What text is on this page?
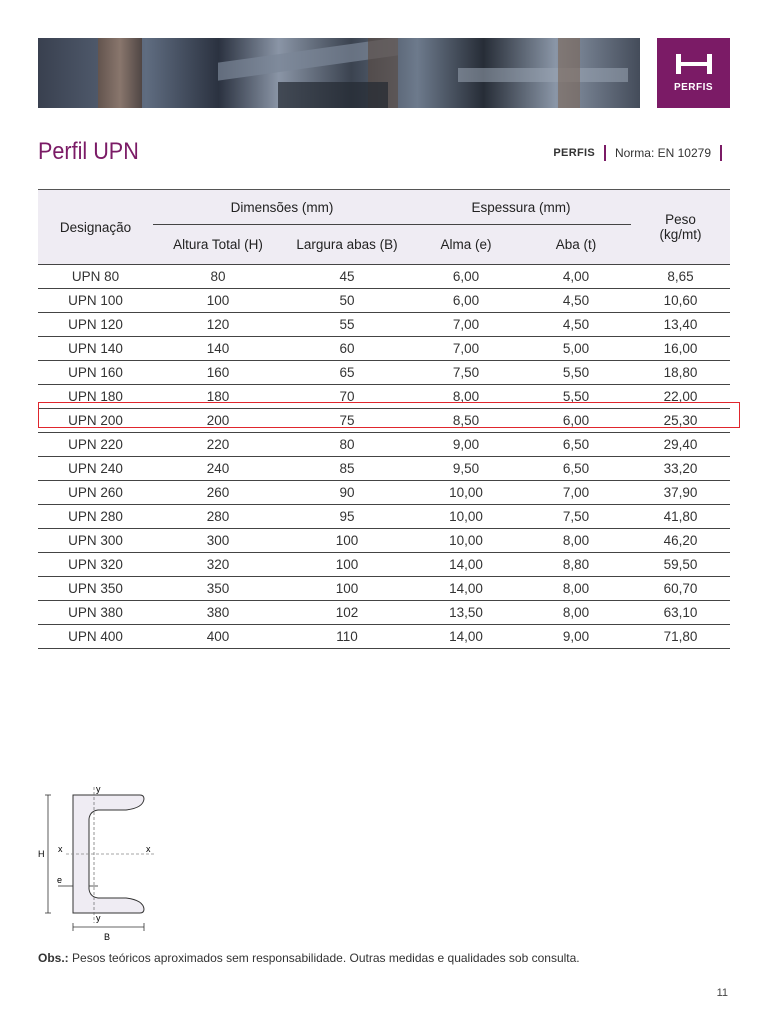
PERFIS
Perfil UPN	PERFIS Norma: EN 10279
Designação	Dimensões (mm)		Espessura (mm)		Peso
(kg/mt)
	Altura Total (H)	Largura abas (B)	Alma (e)	Aba (t)	
UPN 80	80	45	6,00	4,00	8,65
UPN 100	100	50	6,00	4,50	10,60
UPN 120	120	55	7,00	4,50	13,40
UPN 140	140	60	7,00	5,00	16,00
UPN 160	160	65	7,50	5,50	18,80
UPN 180	180	70	8,00	5,50	22,00
UPN 200	200	75	8,50	6,00	25,30
UPN 220	220	80	9,00	6,50	29,40
UPN 240	240	85	9,50	6,50	33,20
UPN 260	260	90	10,00	7,00	37,90
UPN 280	280	95	10,00	7,50	41,80
UPN 300	300	100	10,00	8,00	46,20
UPN 320	320	100	14,00	8,80	59,50
UPN 350	350	100	14,00	8,00	60,70
UPN 380	380	102	13,50	8,00	63,10
UPN 400	400	110	14,00	9,00	71,80
y
y
x	x
H
e
B
Obs.: Pesos teóricos aproximados sem responsabilidade. Outras medidas e qualidades sob consulta.
11
